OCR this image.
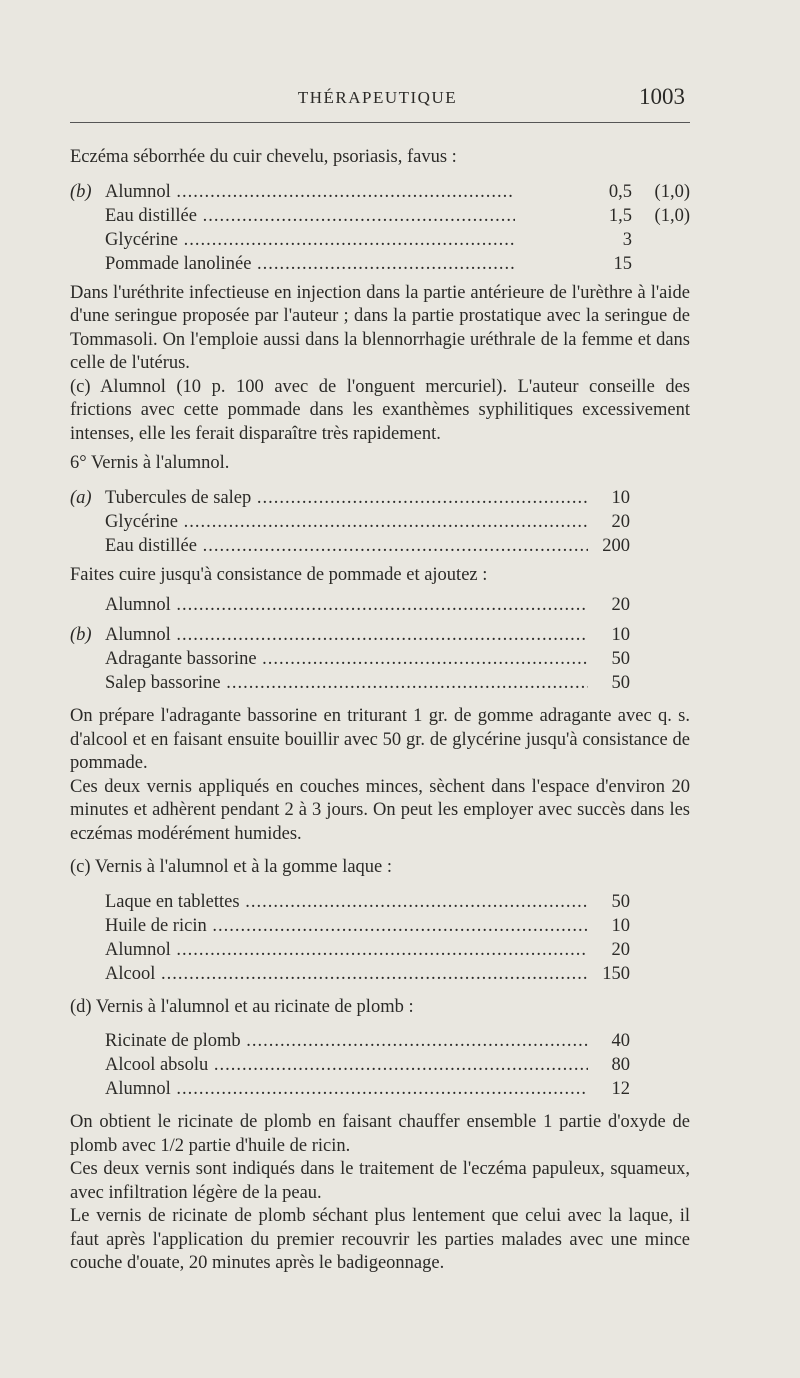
THÉRAPEUTIQUE	1003

Eczéma séborrhée du cuir chevelu, psoriasis, favus :

(b) Alumnol .....	0,5 (1,0)
Eau distillée .....	1,5 (1,0)
Glycérine .....	3
Pommade lanolinée .....	15

Dans l'uréthrite infectieuse en injection dans la partie antérieure de l'urèthre à l'aide d'une seringue proposée par l'auteur ; dans la partie prostatique avec la seringue de Tommasoli. On l'emploie aussi dans la blennorrhagie uréthrale de la femme et dans celle de l'utérus.

(c) Alumnol (10 p. 100 avec de l'onguent mercuriel). L'auteur conseille des frictions avec cette pommade dans les exanthèmes syphilitiques excessivement intenses, elle les ferait disparaître très rapidement.

6° Vernis à l'alumnol.

(a) Tubercules de salep .....	10
Glycérine .....	20
Eau distillée .....	200

Faites cuire jusqu'à consistance de pommade et ajoutez :

Alumnol .....	20
(b) Alumnol .....	10
Adragante bassorine .....	50
Salep bassorine .....	50

On prépare l'adragante bassorine en triturant 1 gr. de gomme adragante avec q. s. d'alcool et en faisant ensuite bouillir avec 50 gr. de glycérine jusqu'à consistance de pommade.

Ces deux vernis appliqués en couches minces, sèchent dans l'espace d'environ 20 minutes et adhèrent pendant 2 à 3 jours. On peut les employer avec succès dans les eczémas modérément humides.

(c) Vernis à l'alumnol et à la gomme laque :

Laque en tablettes .....	50
Huile de ricin .....	10
Alumnol .....	20
Alcool .....	150

(d) Vernis à l'alumnol et au ricinate de plomb :

Ricinate de plomb .....	40
Alcool absolu .....	80
Alumnol .....	12

On obtient le ricinate de plomb en faisant chauffer ensemble 1 partie d'oxyde de plomb avec 1/2 partie d'huile de ricin.

Ces deux vernis sont indiqués dans le traitement de l'eczéma papuleux, squameux, avec infiltration légère de la peau.

Le vernis de ricinate de plomb séchant plus lentement que celui avec la laque, il faut après l'application du premier recouvrir les parties malades avec une mince couche d'ouate, 20 minutes après le badigeonnage.
